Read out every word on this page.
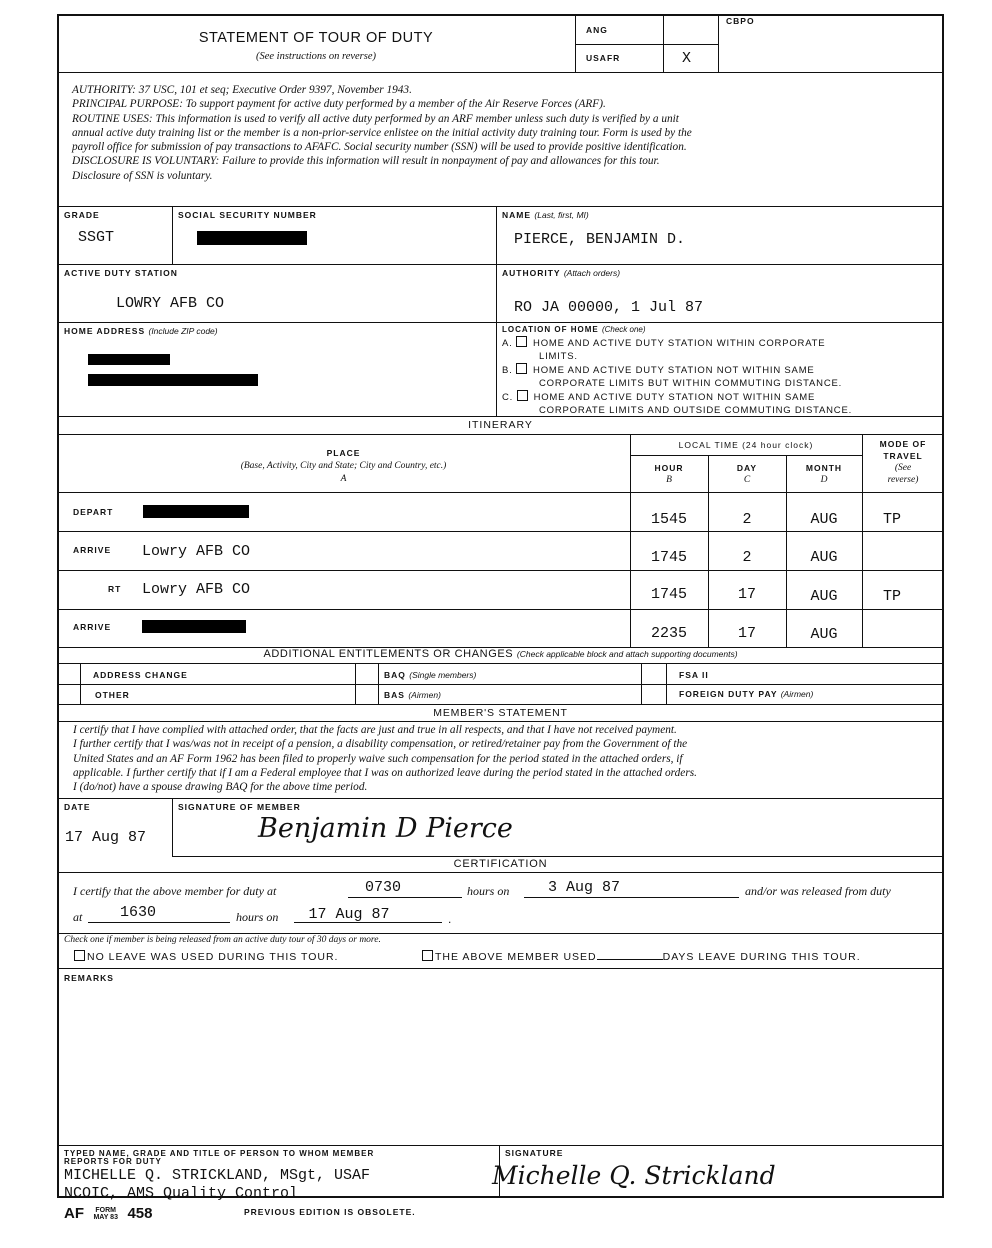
STATEMENT OF TOUR OF DUTY
(See instructions on reverse)
ANG
USAFR
CBPO
X
AUTHORITY: 37 USC, 101 et seq; Executive Order 9397, November 1943.
PRINCIPAL PURPOSE: To support payment for active duty performed by a member of the Air Reserve Forces (ARF).
ROUTINE USES: This information is used to verify all active duty performed by an ARF member unless such duty is verified by a unit
annual active duty training list or the member is a non-prior-service enlistee on the initial activity duty training tour. Form is used by the
payroll office for submission of pay transactions to AFAFC. Social security number (SSN) will be used to provide positive identification.
DISCLOSURE IS VOLUNTARY: Failure to provide this information will result in nonpayment of pay and allowances for this tour.
Disclosure of SSN is voluntary.
GRADE
SSGT
SOCIAL SECURITY NUMBER	NAME (Last, first, MI)
PIERCE, BENJAMIN D.
ACTIVE DUTY STATION
LOWRY AFB CO
AUTHORITY (Attach orders)
RO JA 00000, 1 Jul 87
HOME ADDRESS (Include ZIP code)	LOCATION OF HOME (Check one)
A. HOME AND ACTIVE DUTY STATION WITHIN CORPORATE
LIMITS.
B. HOME AND ACTIVE DUTY STATION NOT WITHIN SAME
CORPORATE LIMITS BUT WITHIN COMMUTING DISTANCE.
C. HOME AND ACTIVE DUTY STATION NOT WITHIN SAME
CORPORATE LIMITS AND OUTSIDE COMMUTING DISTANCE.
ITINERARY
PLACE
(Base, Activity, City and State; City and Country, etc.)
A
LOCAL TIME (24 hour clock)
HOUR
B
DAY
C
MONTH
D
MODE OF
TRAVEL
(See
reverse)
DEPART	1545	2	AUG	TP
ARRIVE Lowry AFB CO	1745	2	AUG
RT Lowry AFB CO	1745	17	AUG	TP
ARRIVE	2235	17	AUG
ADDITIONAL ENTITLEMENTS OR CHANGES (Check applicable block and attach supporting documents)
ADDRESS CHANGE	BAQ (Single members)	FSA II
OTHER	BAS (Airmen)	FOREIGN DUTY PAY (Airmen)
MEMBER'S STATEMENT
I certify that I have complied with attached order, that the facts are just and true in all respects, and that I have not received payment.
I further certify that I was/was not in receipt of a pension, a disability compensation, or retired/retainer pay from the Government of the
United States and an AF Form 1962 has been filed to properly waive such compensation for the period stated in the attached orders, if
applicable. I further certify that if I am a Federal employee that I was on authorized leave during the period stated in the attached orders.
I (do/not) have a spouse drawing BAQ for the above time period.
DATE
17 Aug 87
SIGNATURE OF MEMBER
Benjamin D Pierce
CERTIFICATION
I certify that the above member for duty at	0730	hours on	3 Aug 87	and/or was released from duty
at	1630	hours on	17 Aug 87	.
Check one if member is being released from an active duty tour of 30 days or more.
NO LEAVE WAS USED DURING THIS TOUR.	THE ABOVE MEMBER USED	DAYS LEAVE DURING THIS TOUR.
REMARKS
TYPED NAME, GRADE AND TITLE OF PERSON TO WHOM MEMBER
REPORTS FOR DUTY
MICHELLE Q. STRICKLAND, MSgt, USAF
NCOIC, AMS Quality Control
SIGNATURE
Michelle Q. Strickland
AF FORM
MAY 83 458	PREVIOUS EDITION IS OBSOLETE.
